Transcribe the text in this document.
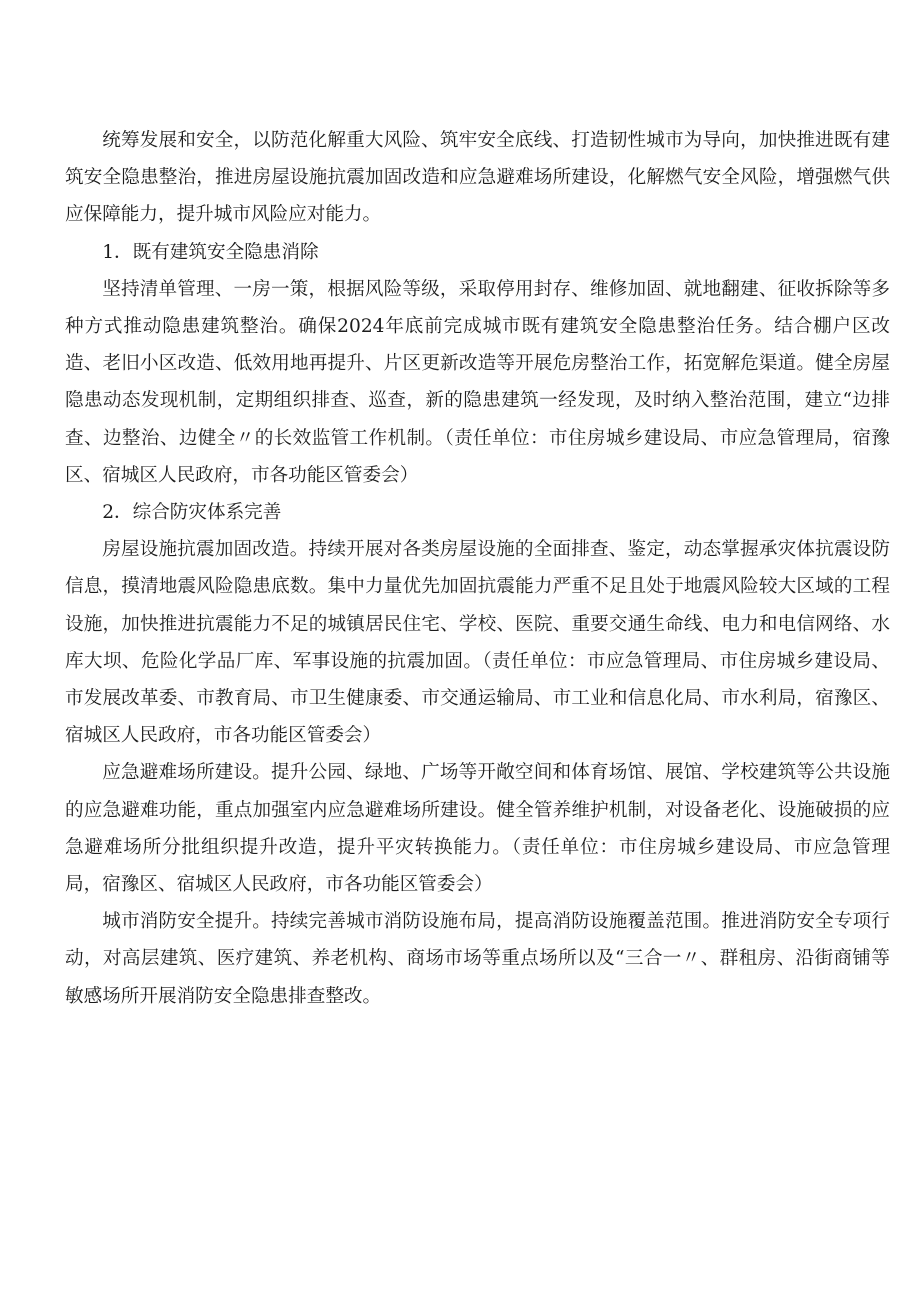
统筹发展和安全，以防范化解重大风险、筑牢安全底线、打造韧性城市为导向，加快推进既有建筑安全隐患整治，推进房屋设施抗震加固改造和应急避难场所建设，化解燃气安全风险，增强燃气供应保障能力，提升城市风险应对能力。

1．既有建筑安全隐患消除

坚持清单管理、一房一策，根据风险等级，采取停用封存、维修加固、就地翻建、征收拆除等多种方式推动隐患建筑整治。确保2024年底前完成城市既有建筑安全隐患整治任务。结合棚户区改造、老旧小区改造、低效用地再提升、片区更新改造等开展危房整治工作，拓宽解危渠道。健全房屋隐患动态发现机制，定期组织排查、巡查，新的隐患建筑一经发现，及时纳入整治范围，建立“边排查、边整治、边健全〃的长效监管工作机制。（责任单位：市住房城乡建设局、市应急管理局，宿豫区、宿城区人民政府，市各功能区管委会）

2．综合防灾体系完善

房屋设施抗震加固改造。持续开展对各类房屋设施的全面排查、鉴定，动态掌握承灾体抗震设防信息，摸清地震风险隐患底数。集中力量优先加固抗震能力严重不足且处于地震风险较大区域的工程设施，加快推进抗震能力不足的城镇居民住宅、学校、医院、重要交通生命线、电力和电信网络、水库大坝、危险化学品厂库、军事设施的抗震加固。（责任单位：市应急管理局、市住房城乡建设局、市发展改革委、市教育局、市卫生健康委、市交通运输局、市工业和信息化局、市水利局，宿豫区、宿城区人民政府，市各功能区管委会）

应急避难场所建设。提升公园、绿地、广场等开敞空间和体育场馆、展馆、学校建筑等公共设施的应急避难功能，重点加强室内应急避难场所建设。健全管养维护机制，对设备老化、设施破损的应急避难场所分批组织提升改造，提升平灾转换能力。（责任单位：市住房城乡建设局、市应急管理局，宿豫区、宿城区人民政府，市各功能区管委会）

城市消防安全提升。持续完善城市消防设施布局，提高消防设施覆盖范围。推进消防安全专项行动，对高层建筑、医疗建筑、养老机构、商场市场等重点场所以及“三合一〃、群租房、沿街商铺等敏感场所开展消防安全隐患排查整改。
